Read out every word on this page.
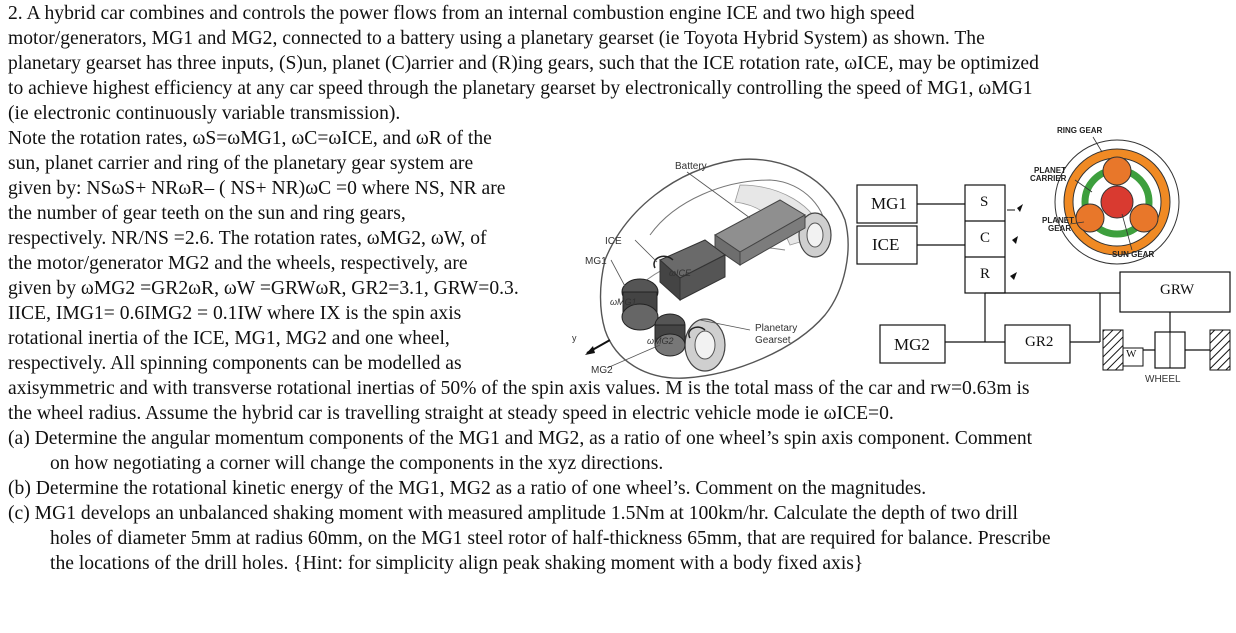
2. A hybrid car combines and controls the power flows from an internal combustion engine ICE and two high speed
motor/generators, MG1 and MG2, connected to a battery using a planetary gearset (ie Toyota Hybrid System) as shown. The
planetary gearset has three inputs, (S)un, planet (C)arrier and (R)ing gears, such that the ICE rotation rate, ωICE, may be optimized
to achieve highest efficiency at any car speed through the planetary gearset by electronically controlling the speed of MG1, ωMG1
(ie electronic continuously variable transmission).
Note the rotation rates, ωS=ωMG1, ωC=ωICE, and ωR of the
sun, planet carrier and ring of the planetary gear system are
given by: NSωS+ NRωR– ( NS+ NR)ωC =0 where NS, NR are
the number of gear teeth on the sun and ring gears,
respectively. NR/NS =2.6. The rotation rates, ωMG2, ωW, of
the motor/generator MG2 and the wheels, respectively, are
given by ωMG2 =GR2ωR, ωW =GRWωR, GR2=3.1, GRW=0.3.
IICE, IMG1= 0.6IMG2 = 0.1IW where IX is the spin axis
rotational inertia of the ICE, MG1, MG2 and one wheel,
respectively. All spinning components can be modelled as
axisymmetric and with transverse rotational inertias of 50% of the spin axis values. M is the total mass of the car and rw=0.63m is
the wheel radius. Assume the hybrid car is travelling straight at steady speed in electric vehicle mode ie ωICE=0.
(a) Determine the angular momentum components of the MG1 and MG2, as a ratio of one wheel’s spin axis component. Comment
on how negotiating a corner will change the components in the xyz directions.
(b) Determine the rotational kinetic energy of the MG1, MG2 as a ratio of one wheel’s. Comment on the magnitudes.
(c) MG1 develops an unbalanced shaking moment with measured amplitude 1.5Nm at 100km/hr. Calculate the depth of two drill
holes of diameter 5mm at radius 60mm, on the MG1 steel rotor of half-thickness 65mm, that are required for balance. Prescribe
the locations of the drill holes. {Hint: for simplicity align peak shaking moment with a body fixed axis}
Battery
ICE
MG1
ωICE
ωMG1
ωMG2
Planetary
Gearset
MG2
y
MG1
ICE
S
C
R
MG2	GR2
GRW
W
WHEEL
RING GEAR
PLANET
CARRIER
PLANET
GEAR
SUN GEAR
